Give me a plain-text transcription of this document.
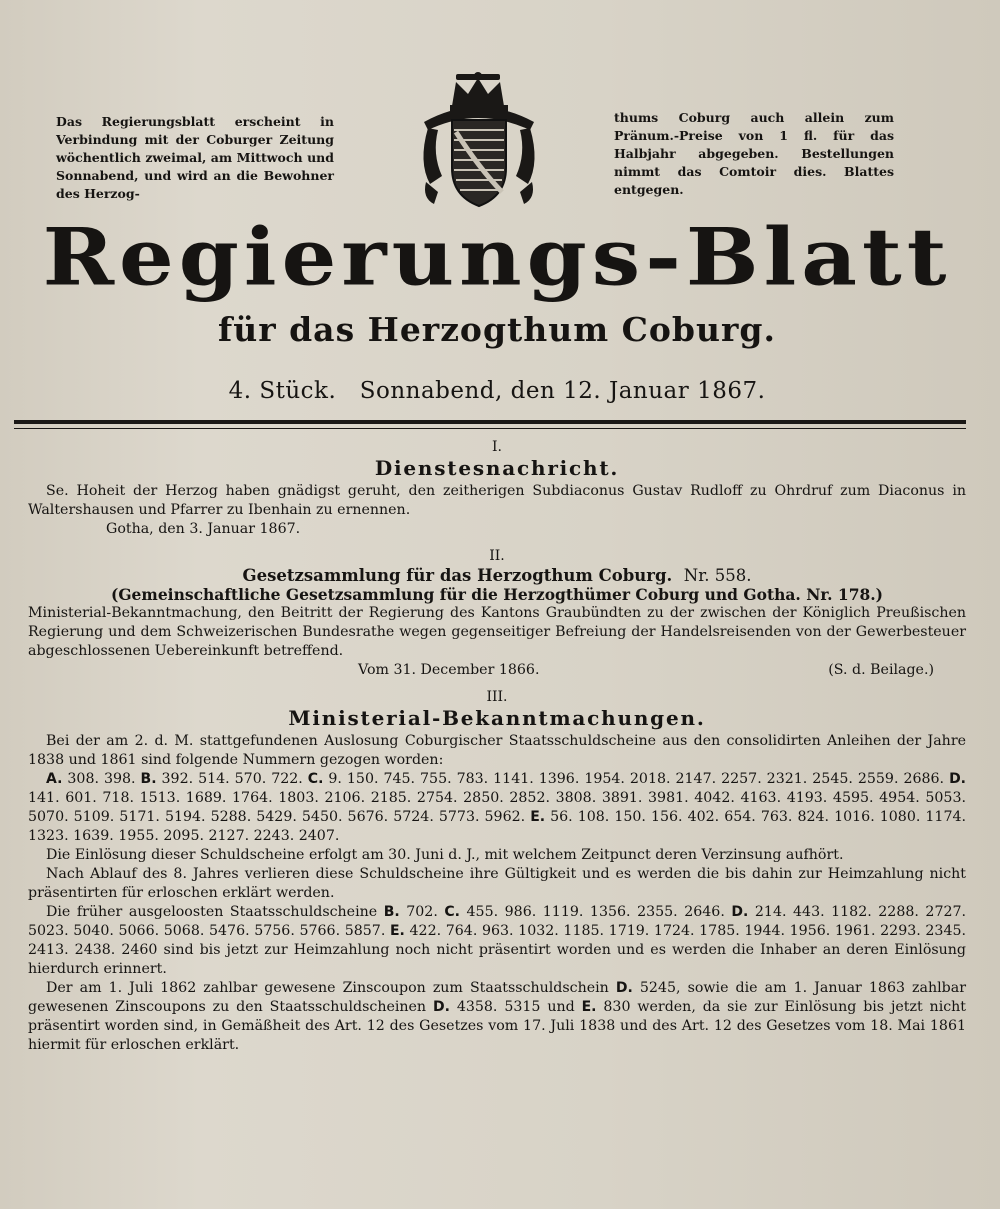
Das Regierungsblatt erscheint in Verbindung mit der Coburger Zeitung wöchentlich zweimal, am Mittwoch und Sonnabend, und wird an die Bewohner des Herzog-

thums Coburg auch allein zum Pränum.-Preise von 1 fl. für das Halbjahr abgegeben. Bestellungen nimmt das Comtoir dies. Blattes entgegen.

Regierungs-Blatt
für das Herzogthum Coburg.
4. Stück. Sonnabend, den 12. Januar 1867.

I.

Dienstesnachricht.

Se. Hoheit der Herzog haben gnädigst geruht, den zeitherigen Subdiaconus Gustav Rudloff zu Ohrdruf zum Diaconus in Waltershausen und Pfarrer zu Ibenhain zu ernennen.

Gotha, den 3. Januar 1867.

II.

Gesetzsammlung für das Herzogthum Coburg. Nr. 558.

(Gemeinschaftliche Gesetzsammlung für die Herzogthümer Coburg und Gotha. Nr. 178.)

Ministerial-Bekanntmachung, den Beitritt der Regierung des Kantons Graubündten zu der zwischen der Königlich Preußischen Regierung und dem Schweizerischen Bundesrathe wegen gegenseitiger Befreiung der Handelsreisenden von der Gewerbesteuer abgeschlossenen Uebereinkunft betreffend.

Vom 31. December 1866.	(S. d. Beilage.)

III.

Ministerial-Bekanntmachungen.

Bei der am 2. d. M. stattgefundenen Auslosung Coburgischer Staatsschuldscheine aus den consolidirten Anleihen der Jahre 1838 und 1861 sind folgende Nummern gezogen worden:

A. 308. 398. B. 392. 514. 570. 722. C. 9. 150. 745. 755. 783. 1141. 1396. 1954. 2018. 2147. 2257. 2321. 2545. 2559. 2686. D. 141. 601. 718. 1513. 1689. 1764. 1803. 2106. 2185. 2754. 2850. 2852. 3808. 3891. 3981. 4042. 4163. 4193. 4595. 4954. 5053. 5070. 5109. 5171. 5194. 5288. 5429. 5450. 5676. 5724. 5773. 5962. E. 56. 108. 150. 156. 402. 654. 763. 824. 1016. 1080. 1174. 1323. 1639. 1955. 2095. 2127. 2243. 2407.

Die Einlösung dieser Schuldscheine erfolgt am 30. Juni d. J., mit welchem Zeitpunct deren Verzinsung aufhört.

Nach Ablauf des 8. Jahres verlieren diese Schuldscheine ihre Gültigkeit und es werden die bis dahin zur Heimzahlung nicht präsentirten für erloschen erklärt werden.

Die früher ausgeloosten Staatsschuldscheine B. 702. C. 455. 986. 1119. 1356. 2355. 2646. D. 214. 443. 1182. 2288. 2727. 5023. 5040. 5066. 5068. 5476. 5756. 5766. 5857. E. 422. 764. 963. 1032. 1185. 1719. 1724. 1785. 1944. 1956. 1961. 2293. 2345. 2413. 2438. 2460 sind bis jetzt zur Heimzahlung noch nicht präsentirt worden und es werden die Inhaber an deren Einlösung hierdurch erinnert.

Der am 1. Juli 1862 zahlbar gewesene Zinscoupon zum Staatsschuldschein D. 5245, sowie die am 1. Januar 1863 zahlbar gewesenen Zinscoupons zu den Staatsschuldscheinen D. 4358. 5315 und E. 830 werden, da sie zur Einlösung bis jetzt nicht präsentirt worden sind, in Gemäßheit des Art. 12 des Gesetzes vom 17. Juli 1838 und des Art. 12 des Gesetzes vom 18. Mai 1861 hiermit für erloschen erklärt.
